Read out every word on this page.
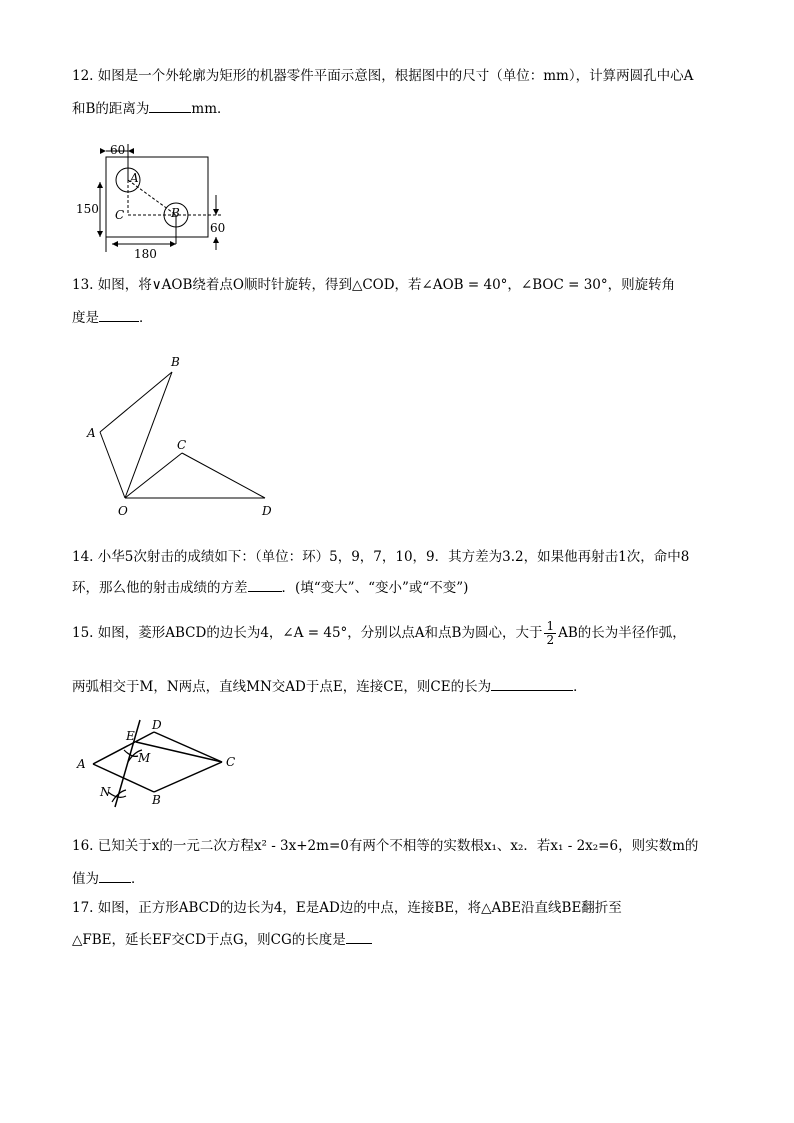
12. 如图是一个外轮廓为矩形的机器零件平面示意图，根据图中的尺寸（单位：mm），计算两圆孔中心A
和B的距离为	mm．
60
A
B
C
150
180
60
13. 如图，将∨AOB绕着点O顺时针旋转，得到△COD，若∠AOB = 40°，∠BOC = 30°，则旋转角
度是	．
B
A
C
O	D
14. 小华5次射击的成绩如下：（单位：环）5，9，7，10，9．其方差为3.2，如果他再射击1次，命中8
环，那么他的射击成绩的方差	．(填“变大”、“变小”或“不变”)
15. 如图，菱形ABCD的边长为4，∠A = 45°，分别以点A和点B为圆心，大于 $\frac{1}{2}$ AB的长为半径作弧，
两弧相交于M，N两点，直线MN交AD于点E，连接CE，则CE的长为	．
D
E
M
A	C
B
N
16. 已知关于x的一元二次方程x² - 3x+2m=0有两个不相等的实数根x₁、x₂．若x₁ - 2x₂=6，则实数m的
值为 ．
17. 如图，正方形ABCD的边长为4，E是AD边的中点，连接BE，将△ABE沿直线BE翻折至
△FBE，延长EF交CD于点G，则CG的长度是
